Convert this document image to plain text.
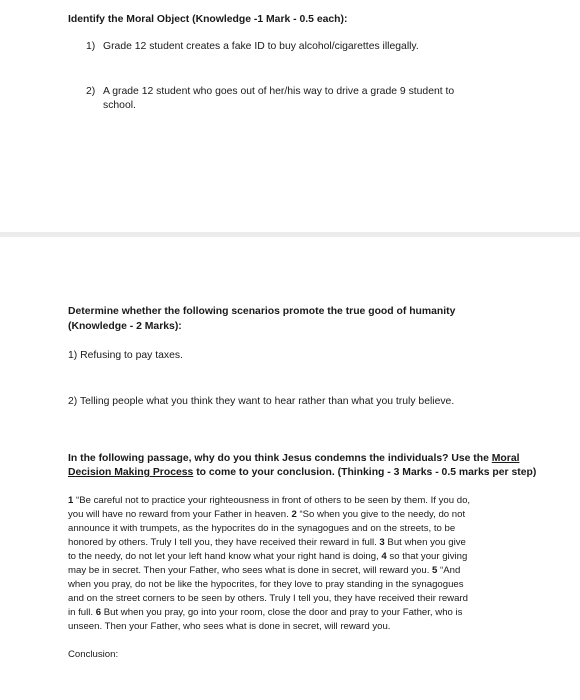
Identify the Moral Object (Knowledge -1 Mark - 0.5 each):
1) Grade 12 student creates a fake ID to buy alcohol/cigarettes illegally.
2) A grade 12 student who goes out of her/his way to drive a grade 9 student to
school.
Determine whether the following scenarios promote the true good of humanity
(Knowledge - 2 Marks):
1) Refusing to pay taxes.
2) Telling people what you think they want to hear rather than what you truly believe.
In the following passage, why do you think Jesus condemns the individuals? Use the Moral
Decision Making Process to come to your conclusion. (Thinking - 3 Marks - 0.5 marks per step)
1 “Be careful not to practice your righteousness in front of others to be seen by them. If you do,
you will have no reward from your Father in heaven. 2 “So when you give to the needy, do not
announce it with trumpets, as the hypocrites do in the synagogues and on the streets, to be
honored by others. Truly I tell you, they have received their reward in full. 3 But when you give
to the needy, do not let your left hand know what your right hand is doing, 4 so that your giving
may be in secret. Then your Father, who sees what is done in secret, will reward you. 5 “And
when you pray, do not be like the hypocrites, for they love to pray standing in the synagogues
and on the street corners to be seen by others. Truly I tell you, they have received their reward
in full. 6 But when you pray, go into your room, close the door and pray to your Father, who is
unseen. Then your Father, who sees what is done in secret, will reward you.
Conclusion:
